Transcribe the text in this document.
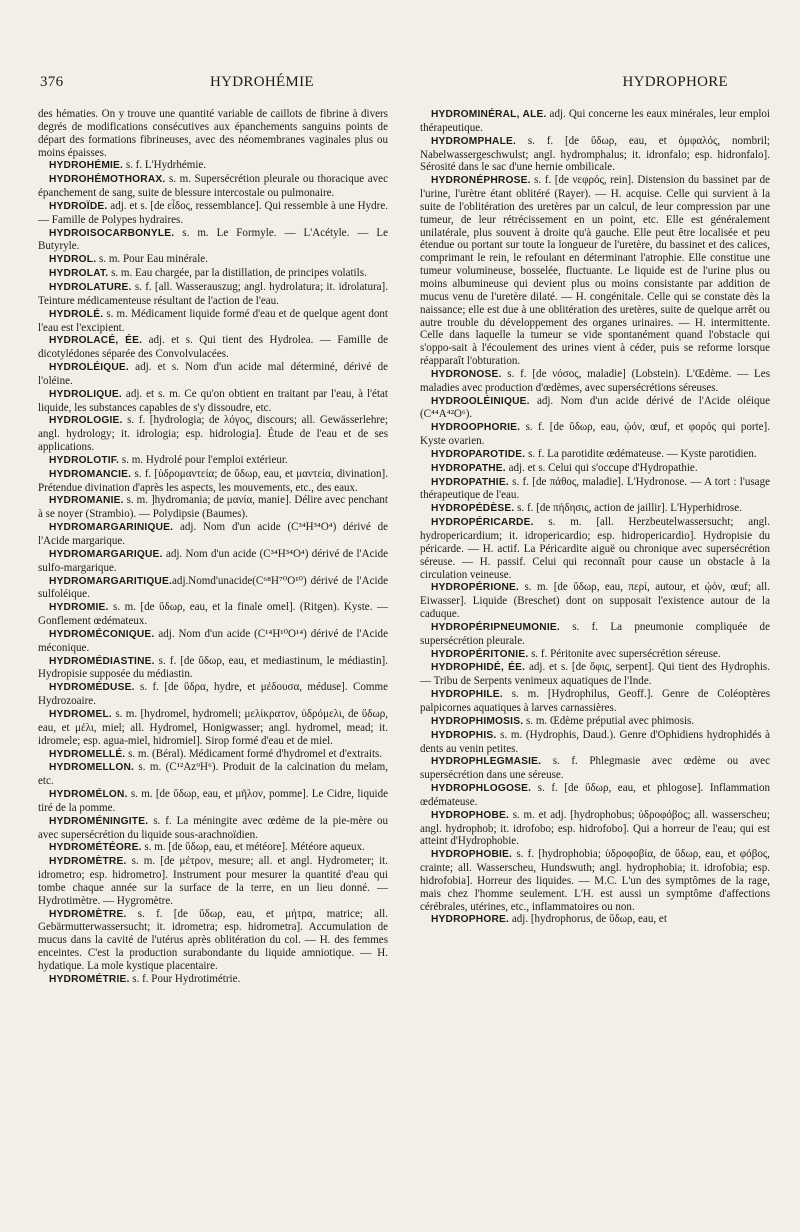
376	HYDROHÉMIE	HYDROPHORE

des hématies. On y trouve une quantité variable de caillots de fibrine à divers degrés de modifications consécutives aux épanchements sanguins points de départ des formations fibrineuses, avec des néomembranes vaginales plus ou moins épaisses.

HYDROHÉMIE. s. f. L'Hydrhémie.

HYDROHÉMOTHORAX. s. m. Supersécrétion pleurale ou thoracique avec épanchement de sang, suite de blessure intercostale ou pulmonaire.

HYDROÏDE. adj. et s. [de εἶδος, ressemblance]. Qui ressemble à une Hydre. — Famille de Polypes hydraires.

HYDROISOCARBONYLE. s. m. Le Formyle. — L'Acétyle. — Le Butyryle.

HYDROL. s. m. Pour Eau minérale.

HYDROLAT. s. m. Eau chargée, par la distillation, de principes volatils.

HYDROLATURE. s. f. [all. Wasserauszug; angl. hydrolatura; it. idrolatura]. Teinture médicamenteuse résultant de l'action de l'eau.

HYDROLÉ. s. m. Médicament liquide formé d'eau et de quelque agent dont l'eau est l'excipient.

HYDROLACÉ, ÉE. adj. et s. Qui tient des Hydrolea. — Famille de dicotylédones séparée des Convolvulacées.

HYDROLÉIQUE. adj. et s. Nom d'un acide mal déterminé, dérivé de l'oléine.

HYDROLIQUE. adj. et s. m. Ce qu'on obtient en traitant par l'eau, à l'état liquide, les substances capables de s'y dissoudre, etc.

HYDROLOGIE. s. f. [hydrologia; de λόγος, discours; all. Gewässerlehre; angl. hydrology; it. idrologia; esp. hidrologia]. Étude de l'eau et de ses applications.

HYDROLOTIF. s. m. Hydrolé pour l'emploi extérieur.

HYDROMANCIE. s. f. [ὑδρομαντεία; de ὕδωρ, eau, et μαντεία, divination]. Prétendue divination d'après les aspects, les mouvements, etc., des eaux.

HYDROMANIE. s. m. ]hydromania; de μανία, manie]. Délire avec penchant à se noyer (Strambio). — Polydipsie (Baumes).

HYDROMARGARINIQUE. adj. Nom d'un acide (C³⁴H³⁴O⁴) dérivé de l'Acide margarique.

HYDROMARGARIQUE. adj. Nom d'un acide (C³⁴H³⁴O⁴) dérivé de l'Acide sulfo-margarique.

HYDROMARGARITIQUE.adj.Nomd'unacide(C⁶⁸H⁷⁰O¹⁰) dérivé de l'Acide sulfoléique.

HYDROMIE. s. m. [de ὕδωρ, eau, et la finale omel]. (Ritgen). Kyste. — Gonflement œdémateux.

HYDROMÉCONIQUE. adj. Nom d'un acide (C¹⁴H¹⁰O¹⁴) dérivé de l'Acide méconique.

HYDROMÉDIASTINE. s. f. [de ὕδωρ, eau, et mediastinum, le médiastin]. Hydropisie supposée du médiastin.

HYDROMÉDUSE. s. f. [de ὕδρα, hydre, et μέδουσα, méduse]. Comme Hydrozoaire.

HYDROMEL. s. m. [hydromel, hydromeli; μελίκρατον, ὑδρόμελι, de ὕδωρ, eau, et μέλι, miel; all. Hydromel, Honigwasser; angl. hydromel, mead; it. idromele; esp. agua-miel, hidromiel]. Sirop formé d'eau et de miel.

HYDROMELLÉ. s. m. (Béral). Médicament formé d'hydromel et d'extraits.

HYDROMELLON. s. m. (C¹²Az⁹H⁶). Produit de la calcination du melam, etc.

HYDROMÉLON. s. m. [de ὕδωρ, eau, et μῆλον, pomme]. Le Cidre, liquide tiré de la pomme.

HYDROMÉNINGITE. s. f. La méningite avec œdème de la pie-mère ou avec supersécrétion du liquide sous-arachnoïdien.

HYDROMÉTÉORE. s. m. [de ὕδωρ, eau, et météore]. Météore aqueux.

HYDROMÈTRE. s. m. [de μέτρον, mesure; all. et angl. Hydrometer; it. idrometro; esp. hidrometro]. Instrument pour mesurer la quantité d'eau qui tombe chaque année sur la surface de la terre, en un lieu donné. — Hydrotimètre. — Hygromètre.

HYDROMÈTRE. s. f. [de ὕδωρ, eau, et μήτρα, matrice; all. Gebärmutterwassersucht; it. idrometra; esp. hidrometra]. Accumulation de mucus dans la cavité de l'utérus après oblitération du col. — H. des femmes enceintes. C'est la production surabondante du liquide amniotique. — H. hydatique. La mole kystique placentaire.

HYDROMÉTRIE. s. f. Pour Hydrotimétrie.

HYDROMINÉRAL, ALE. adj. Qui concerne les eaux minérales, leur emploi thérapeutique.

HYDROMPHALE. s. f. [de ὕδωρ, eau, et ὀμφαλός, nombril; Nabelwassergeschwulst; angl. hydromphalus; it. idronfalo; esp. hidronfalo]. Sérosité dans le sac d'une hernie ombilicale.

HYDRONÉPHROSE. s. f. [de νεφρός, rein]. Distension du bassinet par de l'urine, l'urètre étant oblitéré (Rayer). — H. acquise. Celle qui survient à la suite de l'oblitération des uretères par un calcul, de leur compression par une tumeur, de leur rétrécissement en un point, etc. Elle est généralement unilatérale, plus souvent à droite qu'à gauche. Elle peut être localisée et peu étendue ou portant sur toute la longueur de l'uretère, du bassinet et des calices, comprimant le rein, le refoulant en déterminant l'atrophie. Elle constitue une tumeur volumineuse, bosselée, fluctuante. Le liquide est de l'urine plus ou moins albumineuse qui devient plus ou moins consistante par addition de mucus venu de l'uretère dilaté. — H. congénitale. Celle qui se constate dès la naissance; elle est due à une oblitération des uretères, suite de quelque arrêt ou autre trouble du développement des organes urinaires. — H. intermittente. Celle dans laquelle la tumeur se vide spontanément quand l'obstacle qui s'oppo-sait à l'écoulement des urines vient à céder, puis se reforme lorsque réapparaît l'obturation.

HYDRONOSE. s. f. [de νόσος, maladie] (Lobstein). L'Œdème. — Les maladies avec production d'œdèmes, avec supersécrétions séreuses.

HYDROOLÉINIQUE. adj. Nom d'un acide dérivé de l'Acide oléique (C⁴⁴A⁴²O⁶).

HYDROOPHORIE. s. f. [de ὕδωρ, eau, ᾠόν, œuf, et φορός qui porte]. Kyste ovarien.

HYDROPAROTIDE. s. f. La parotidite œdémateuse. — Kyste parotidien.

HYDROPATHE. adj. et s. Celui qui s'occupe d'Hydropathie.

HYDROPATHIE. s. f. [de πάθος, maladie]. L'Hydronose. — A tort : l'usage thérapeutique de l'eau.

HYDROPÉDÈSE. s. f. [de πήδησις, action de jaillir]. L'Hyperhidrose.

HYDROPÉRICARDE. s. m. [all. Herzbeutelwassersucht; angl. hydropericardium; it. idropericardio; esp. hidropericardio]. Hydropisie du péricarde. — H. actif. La Péricardite aiguë ou chronique avec supersécrétion séreuse. — H. passif. Celui qui reconnaît pour cause un obstacle à la circulation veineuse.

HYDROPÉRIONE. s. m. [de ὕδωρ, eau, περί, autour, et ᾠόν, œuf; all. Eiwasser]. Liquide (Breschet) dont on supposait l'existence autour de la caduque.

HYDROPÉRIPNEUMONIE. s. f. La pneumonie compliquée de supersécrétion pleurale.

HYDROPÉRITONIE. s. f. Péritonite avec supersécrétion séreuse.

HYDROPHIDÉ, ÉE. adj. et s. [de ὄφις, serpent]. Qui tient des Hydrophis. — Tribu de Serpents venimeux aquatiques de l'Inde.

HYDROPHILE. s. m. [Hydrophilus, Geoff.]. Genre de Coléoptères palpicornes aquatiques à larves carnassières.

HYDROPHIMOSIS. s. m. Œdème préputial avec phimosis.

HYDROPHIS. s. m. (Hydrophis, Daud.). Genre d'Ophidiens hydrophidés à dents au venin petites.

HYDROPHLEGMASIE. s. f. Phlegmasie avec œdème ou avec supersécrétion dans une séreuse.

HYDROPHLOGOSE. s. f. [de ὕδωρ, eau, et phlogose]. Inflammation œdémateuse.

HYDROPHOBE. s. m. et adj. [hydrophobus; ὑδροφόβος; all. wasserscheu; angl. hydrophob; it. idrofobo; esp. hidrofobo]. Qui a horreur de l'eau; qui est atteint d'Hydrophobie.

HYDROPHOBIE. s. f. [hydrophobia; ὑδροφοβία, de ὕδωρ, eau, et φόβος, crainte; all. Wasserscheu, Hundswuth; angl. hydrophobia; it. idrofobia; esp. hidrofobia]. Horreur des liquides. — M.C. L'un des symptômes de la rage, mais chez l'homme seulement. L'H. est aussi un symptôme d'affections cérébrales, utérines, etc., inflammatoires ou non.

HYDROPHORE. adj. [hydrophorus, de ὕδωρ, eau, et
